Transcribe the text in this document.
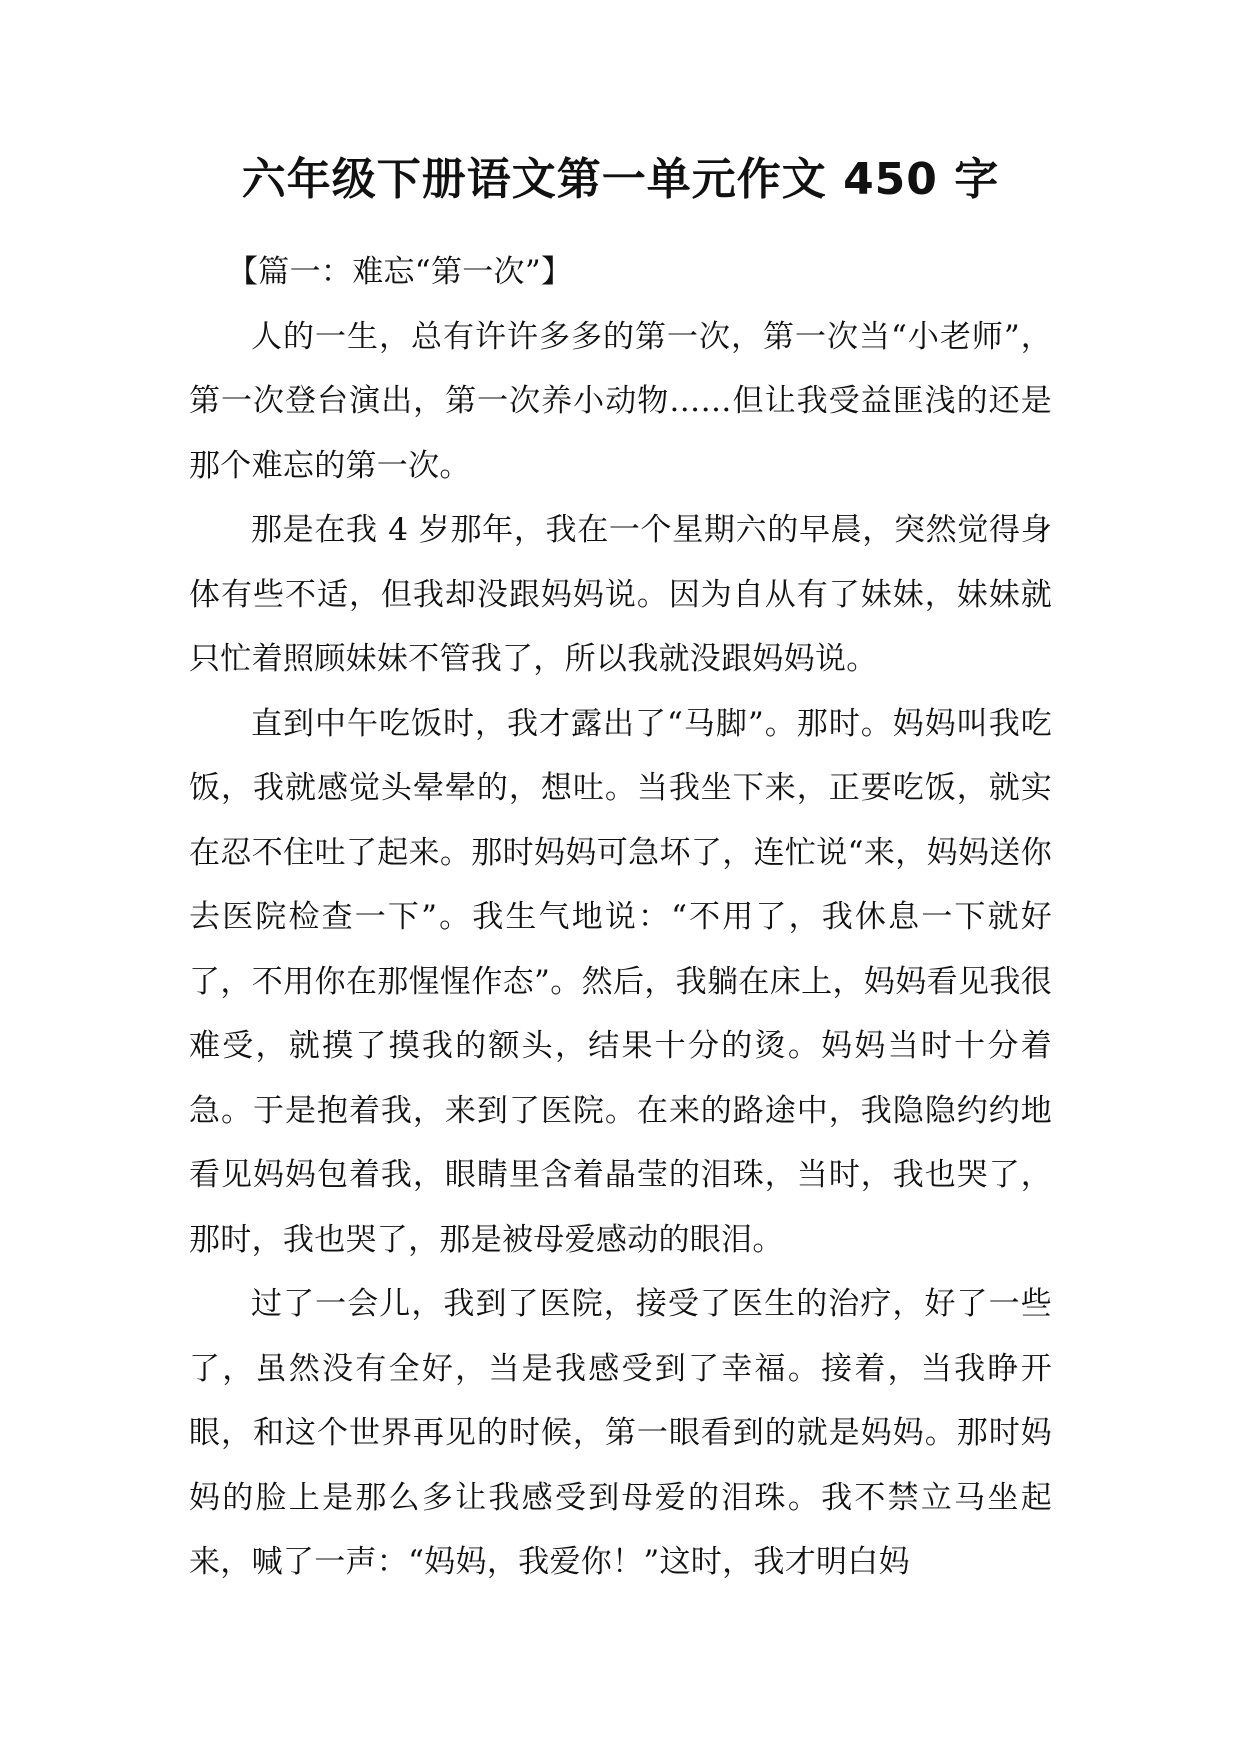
六年级下册语文第一单元作文 450 字

【篇一：难忘“第一次”】

人的一生，总有许许多多的第一次，第一次当“小老师”，第一次登台演出，第一次养小动物……但让我受益匪浅的还是那个难忘的第一次。

那是在我 4 岁那年，我在一个星期六的早晨，突然觉得身体有些不适，但我却没跟妈妈说。因为自从有了妹妹，妹妹就只忙着照顾妹妹不管我了，所以我就没跟妈妈说。

直到中午吃饭时，我才露出了“马脚”。那时。妈妈叫我吃饭，我就感觉头晕晕的，想吐。当我坐下来，正要吃饭，就实在忍不住吐了起来。那时妈妈可急坏了，连忙说“来，妈妈送你去医院检查一下”。我生气地说：“不用了，我休息一下就好了，不用你在那惺惺作态”。然后，我躺在床上，妈妈看见我很难受，就摸了摸我的额头，结果十分的烫。妈妈当时十分着急。于是抱着我，来到了医院。在来的路途中，我隐隐约约地看见妈妈包着我，眼睛里含着晶莹的泪珠，当时，我也哭了，那时，我也哭了，那是被母爱感动的眼泪。

过了一会儿，我到了医院，接受了医生的治疗，好了一些了，虽然没有全好，当是我感受到了幸福。接着，当我睁开眼，和这个世界再见的时候，第一眼看到的就是妈妈。那时妈妈的脸上是那么多让我感受到母爱的泪珠。我不禁立马坐起来，喊了一声：“妈妈，我爱你！”这时，我才明白妈
